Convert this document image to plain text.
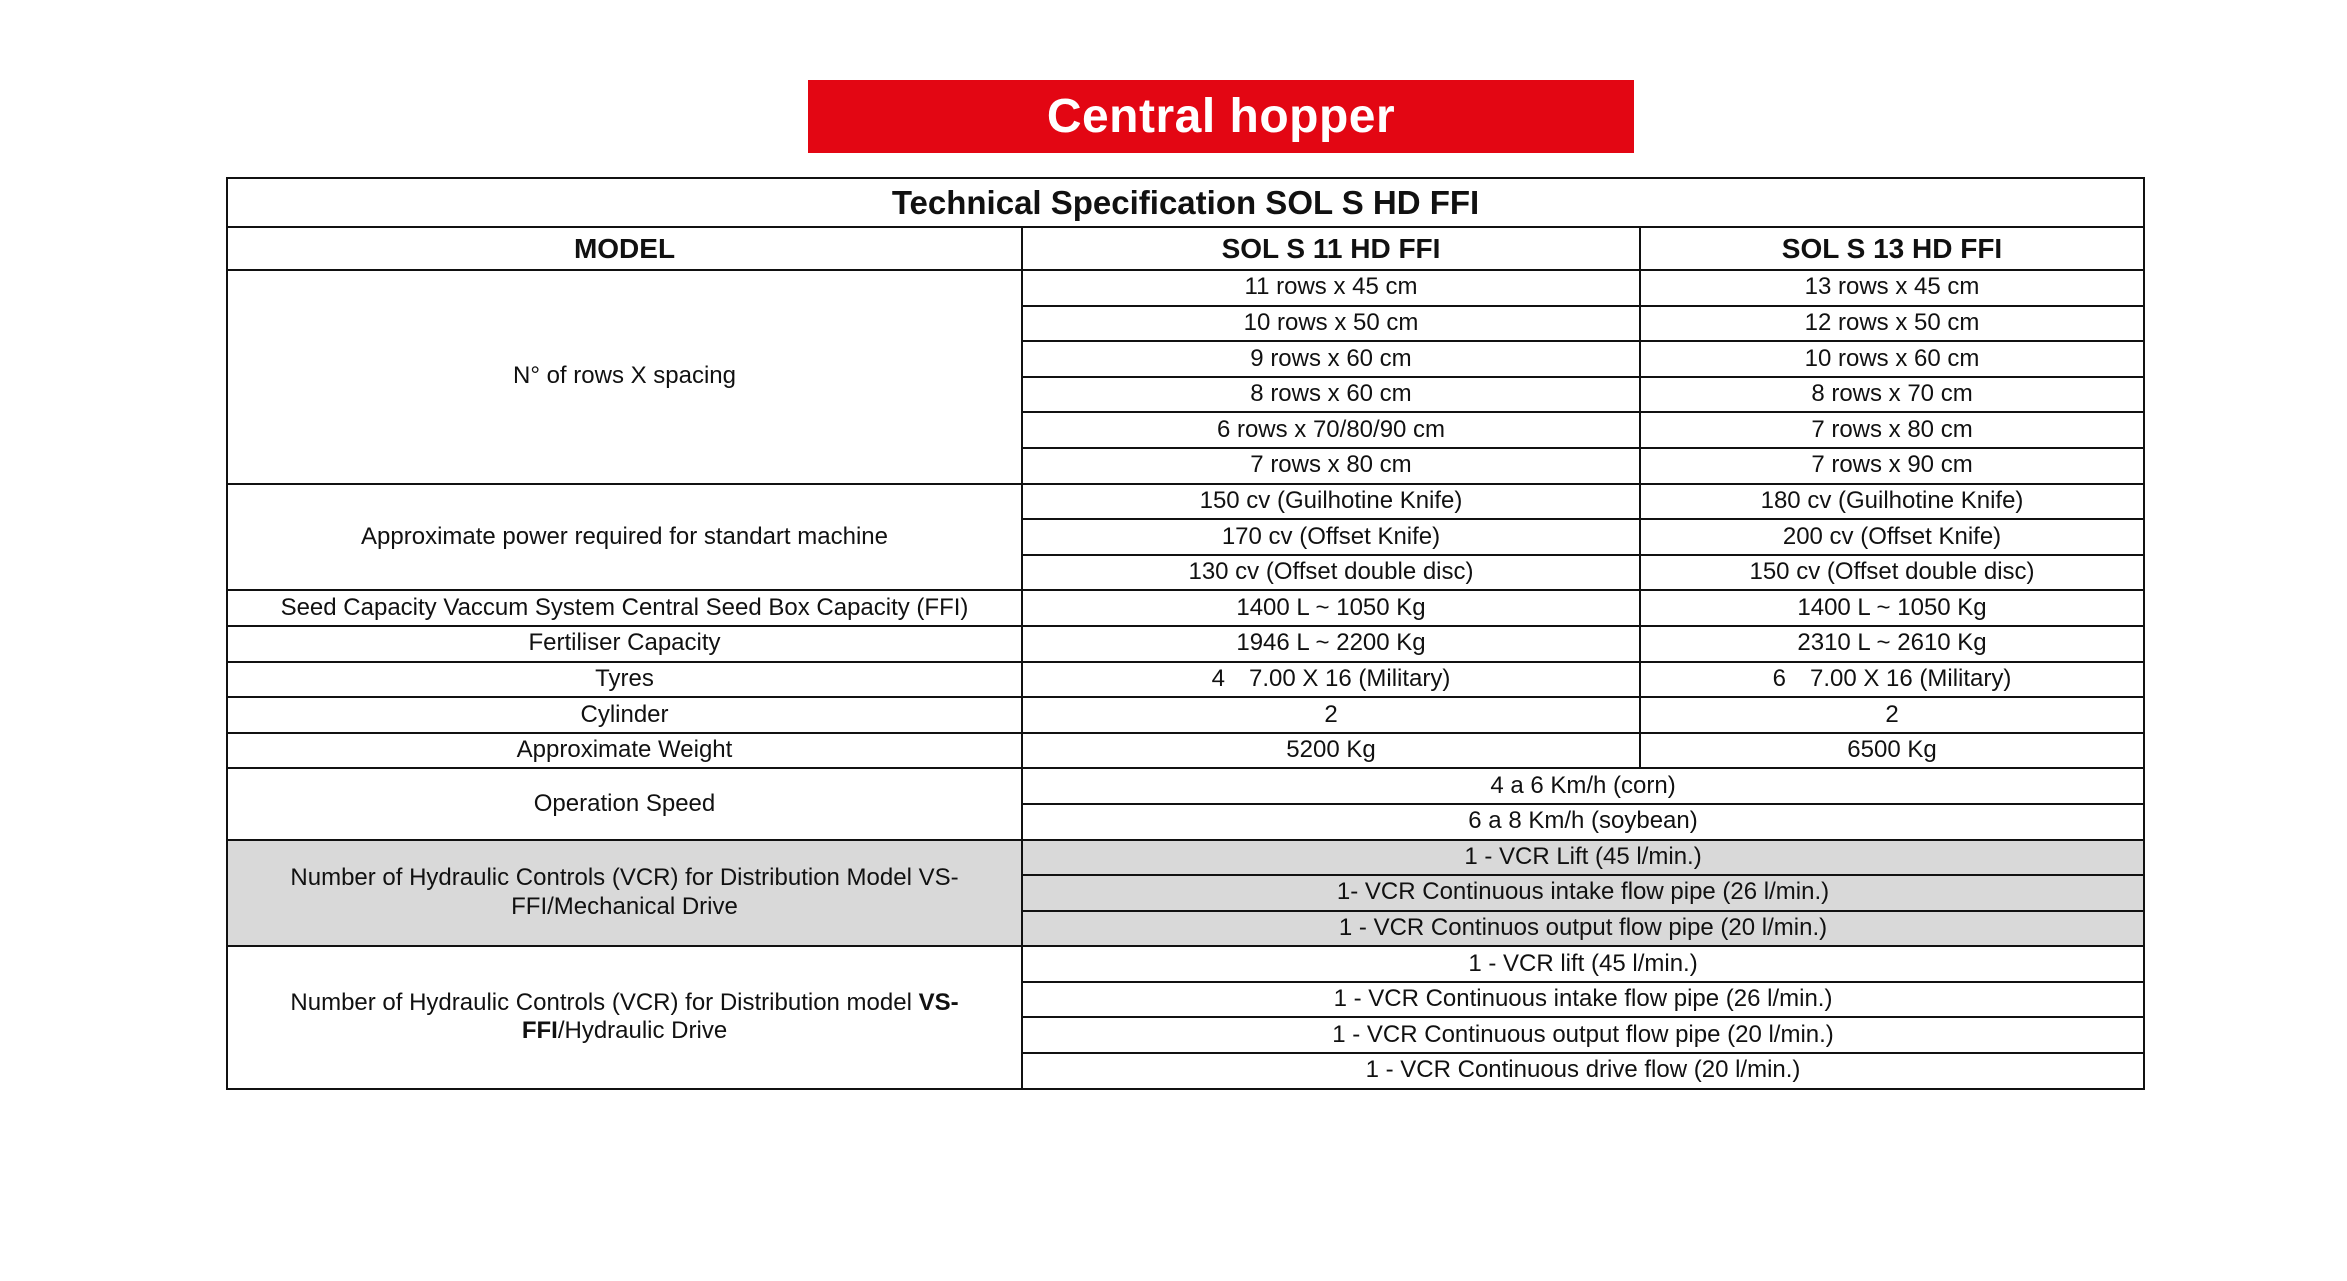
Central hopper
Technical Specification SOL S HD FFI		
MODEL	SOL S 11 HD FFI	SOL S 13 HD FFI
N° of rows X spacing	11 rows x 45 cm	13 rows x 45 cm
	10 rows x 50 cm	12 rows x 50 cm
	9 rows x 60 cm	10 rows x 60 cm
	8 rows x 60 cm	8 rows x 70 cm
	6 rows x 70/80/90 cm	7 rows x 80 cm
	7 rows x 80 cm	7 rows x 90 cm
Approximate power required for standart machine	150 cv (Guilhotine Knife)	180 cv (Guilhotine Knife)
	170 cv (Offset Knife)	200 cv (Offset Knife)
	130 cv (Offset double disc)	150 cv (Offset double disc)
Seed Capacity Vaccum System Central Seed Box Capacity (FFI)	1400 L ~ 1050 Kg	1400 L ~ 1050 Kg
Fertiliser Capacity	1946 L ~ 2200 Kg	2310 L ~ 2610 Kg
Tyres	4 7.00 X 16 (Military)	6 7.00 X 16 (Military)
Cylinder	2	2
Approximate Weight	5200 Kg	6500 Kg
Operation Speed	4 a 6 Km/h (corn)	
	6 a 8 Km/h (soybean)	
Number of Hydraulic Controls (VCR) for Distribution Model VS-FFI/Mechanical Drive	1 - VCR Lift (45 l/min.)	
	1- VCR Continuous intake flow pipe (26 l/min.)	
	1 - VCR Continuos output flow pipe (20 l/min.)	
Number of Hydraulic Controls (VCR) for Distribution model VS-FFI/Hydraulic Drive	1 - VCR lift (45 l/min.)	
	1 - VCR Continuous intake flow pipe (26 l/min.)	
	1 - VCR Continuous output flow pipe (20 l/min.)	
	1 - VCR Continuous drive flow (20 l/min.)	
